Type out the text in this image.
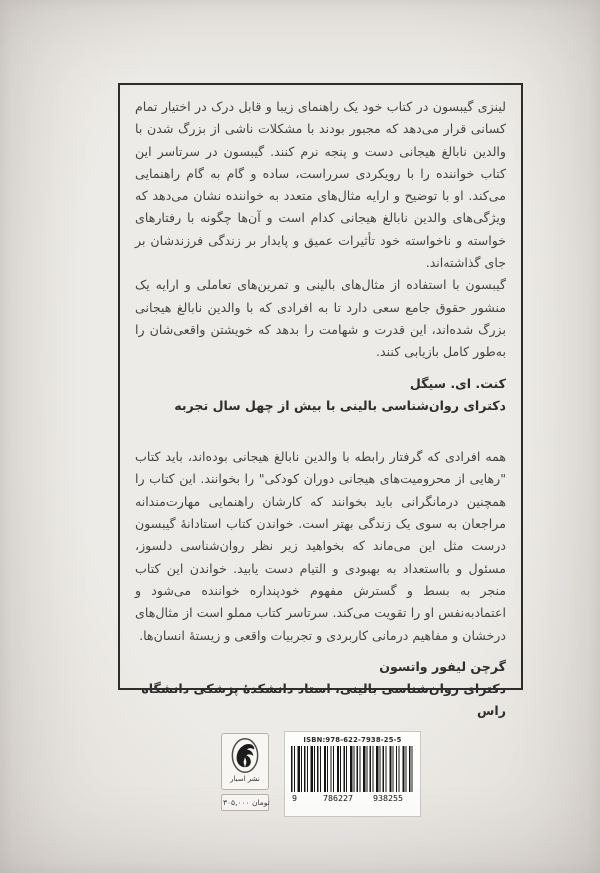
لینزی گیبسون در کتاب خود یک راهنمای زیبا و قابل درک در اختیار تمام کسانی قرار می‌دهد که مجبور بودند با مشکلات ناشی از بزرگ شدن با والدین نابالغ هیجانی دست و پنجه نرم کنند. گیبسون در سرتاسر این کتاب خواننده را با رویکردی سرراست، ساده و گام به گام راهنمایی می‌کند. او با توضیح و ارایه مثال‌های متعدد به خواننده نشان می‌دهد که ویژگی‌های والدین نابالغ هیجانی کدام است و آن‌ها چگونه با رفتارهای خواسته و ناخواسته خود تأثیرات عمیق و پایدار بر زندگی فرزندشان بر جای گذاشته‌اند.

گیبسون با استفاده از مثال‌های بالینی و تمرین‌های تعاملی و ارایه یک منشور حقوق جامع سعی دارد تا به افرادی که با والدین نابالغ هیجانی بزرگ شده‌اند، این قدرت و شهامت را بدهد که خویشتن واقعی‌شان را به‌طور کامل بازیابی کنند.

کنت. ای. سیگل

دکترای روان‌شناسی بالینی با بیش از چهل سال تجربه

همه افرادی که گرفتار رابطه با والدین نابالغ هیجانی بوده‌اند، باید کتاب "رهایی از محرومیت‌های هیجانی دوران کودکی" را بخوانند. این کتاب را همچنین درمانگرانی باید بخوانند که کارشان راهنمایی مهارت‌مندانه مراجعان به سوی یک زندگی بهتر است. خواندن کتاب استادانهٔ گیبسون درست مثل این می‌ماند که بخواهید زیر نظر روان‌شناسی دلسوز، مسئول و بااستعداد به بهبودی و التیام دست یابید. خواندن این کتاب منجر به بسط و گسترش مفهوم خودپنداره خواننده می‌شود و اعتمادبه‌نفس او را تقویت می‌کند. سرتاسر کتاب مملو است از مثال‌های درخشان و مفاهیم درمانی کاربردی و تجربیات واقعی و زیستهٔ انسان‌ها.

گرچن لیفور واتسون

دکترای روان‌شناسی بالینی، استاد دانشکدهٔ پزشکی دانشگاه راس

نشر اسبار
۳۰۵,۰۰۰ تومان
ISBN:978-622-7938-25-5
9	786227 938255
